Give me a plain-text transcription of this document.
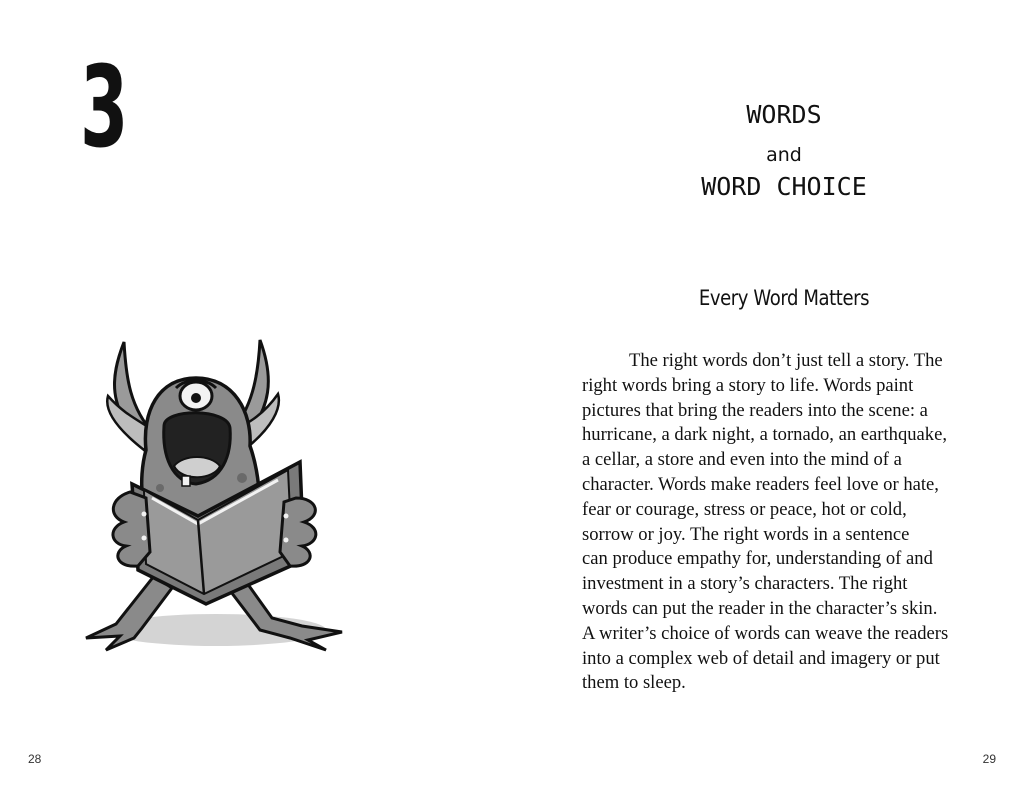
3
28
WORDS
and
WORD CHOICE
Every Word Matters
The right words don’t just tell a story. The
right words bring a story to life. Words paint
pictures that bring the readers into the scene: a
hurricane, a dark night, a tornado, an earthquake,
a cellar, a store and even into the mind of a
character. Words make readers feel love or hate,
fear or courage, stress or peace, hot or cold,
sorrow or joy. The right words in a sentence
can produce empathy for, understanding of and
investment in a story’s characters. The right
words can put the reader in the character’s skin.
A writer’s choice of words can weave the readers
into a complex web of detail and imagery or put
them to sleep.
29
